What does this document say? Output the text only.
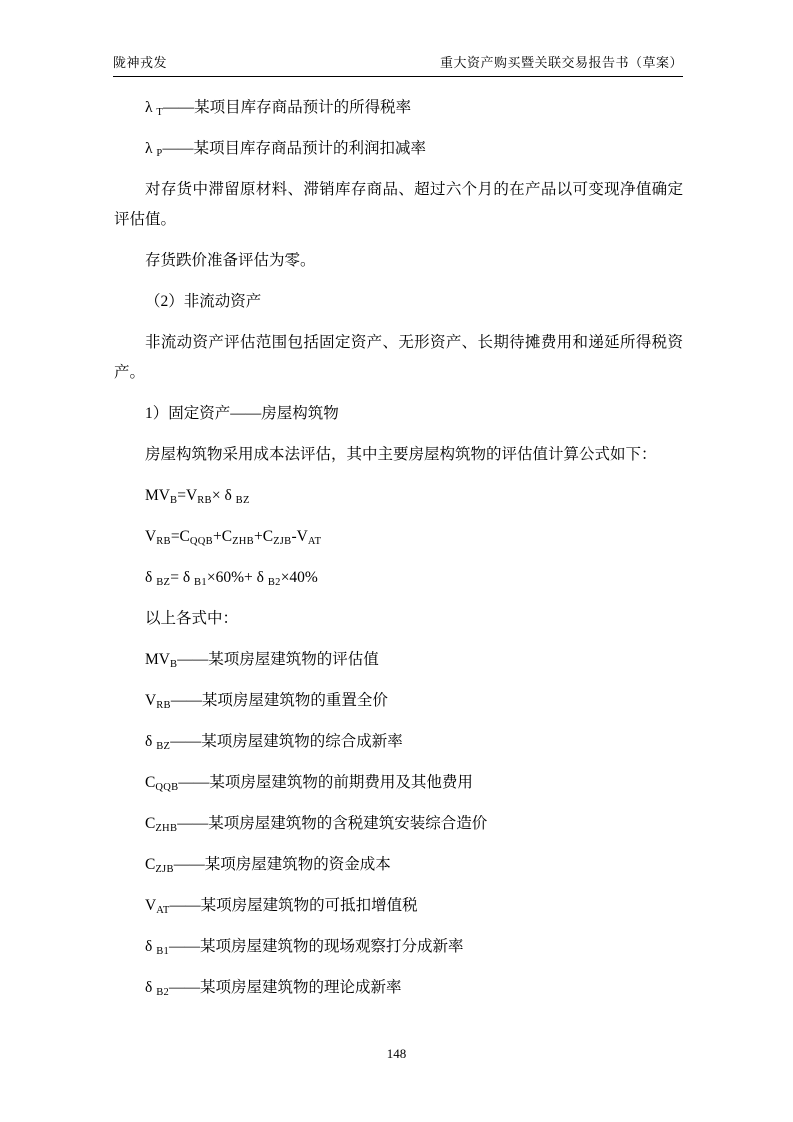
陇神戎发	重大资产购买暨关联交易报告书（草案）

λ $_T$——某项目库存商品预计的所得税率

λ $_P$——某项目库存商品预计的利润扣减率

对存货中滞留原材料、滞销库存商品、超过六个月的在产品以可变现净值确定评估值。

存货跌价准备评估为零。

（2）非流动资产

非流动资产评估范围包括固定资产、无形资产、长期待摊费用和递延所得税资产。

1）固定资产——房屋构筑物

房屋构筑物采用成本法评估，其中主要房屋构筑物的评估值计算公式如下：

$MV_B=V_{RB}\times \delta$ $_{BZ}$

$V_{RB}=C_{QQB}+C_{ZHB}+C_{ZJB}-V_{AT}$

δ $_{BZ}$= δ $_{B1}$×60%+ δ $_{B2}$×40%

以上各式中：

$MV_B——$某项房屋建筑物的评估值

$V_{RB}——$某项房屋建筑物的重置全价

δ $_{BZ}$——某项房屋建筑物的综合成新率

$C_{QQB}——$某项房屋建筑物的前期费用及其他费用

$C_{ZHB}——$某项房屋建筑物的含税建筑安装综合造价

$C_{ZJB}——$某项房屋建筑物的资金成本

$V_{AT}——$某项房屋建筑物的可抵扣增值税

δ $_{B1}$——某项房屋建筑物的现场观察打分成新率

δ $_{B2}$——某项房屋建筑物的理论成新率

148
